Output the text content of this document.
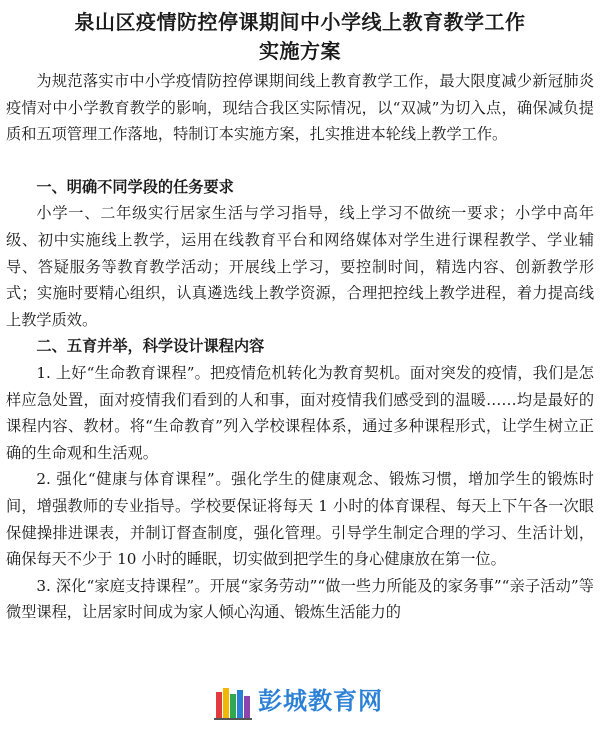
泉山区疫情防控停课期间中小学线上教育教学工作
实施方案

为规范落实市中小学疫情防控停课期间线上教育教学工作，最大限度减少新冠肺炎疫情对中小学教育教学的影响，现结合我区实际情况，以“双减”为切入点，确保减负提质和五项管理工作落地，特制订本实施方案，扎实推进本轮线上教学工作。

一、明确不同学段的任务要求

小学一、二年级实行居家生活与学习指导，线上学习不做统一要求；小学中高年级、初中实施线上教学，运用在线教育平台和网络媒体对学生进行课程教学、学业辅导、答疑服务等教育教学活动；开展线上学习，要控制时间，精选内容、创新教学形式；实施时要精心组织，认真遴选线上教学资源，合理把控线上教学进程，着力提高线上教学质效。

二、五育并举，科学设计课程内容

1. 上好“生命教育课程”。把疫情危机转化为教育契机。面对突发的疫情，我们是怎样应急处置，面对疫情我们看到的人和事，面对疫情我们感受到的温暖……均是最好的课程内容、教材。将“生命教育”列入学校课程体系，通过多种课程形式，让学生树立正确的生命观和生活观。

2. 强化“健康与体育课程”。强化学生的健康观念、锻炼习惯，增加学生的锻炼时间，增强教师的专业指导。学校要保证将每天 1 小时的体育课程、每天上下午各一次眼保健操排进课表，并制订督查制度，强化管理。引导学生制定合理的学习、生活计划，确保每天不少于 10 小时的睡眠，切实做到把学生的身心健康放在第一位。

3. 深化“家庭支持课程”。开展“家务劳动”“做一些力所能及的家务事”“亲子活动”等微型课程，让居家时间成为家人倾心沟通、锻炼生活能力的

彭城教育网
